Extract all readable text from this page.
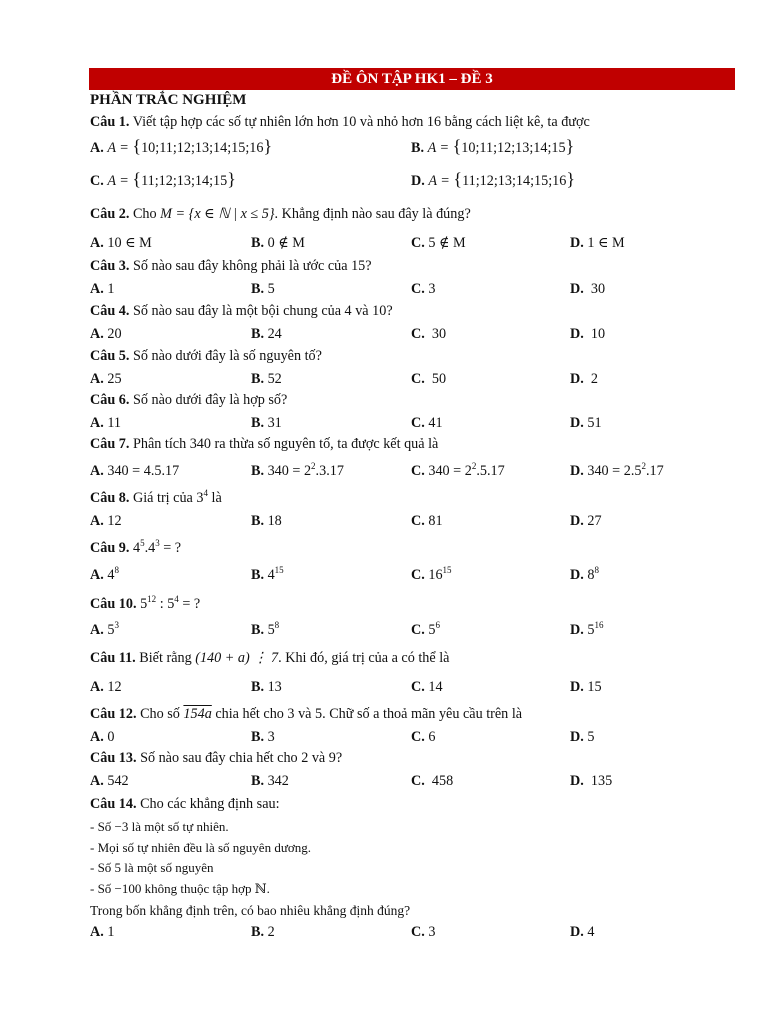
ĐỀ ÔN TẬP HK1 – ĐỀ 3
PHẦN TRẮC NGHIỆM
Câu 1. Viết tập hợp các số tự nhiên lớn hơn 10 và nhỏ hơn 16 bằng cách liệt kê, ta được
A. A = {10;11;12;13;14;15;16}	B. A = {10;11;12;13;14;15}
C. A = {11;12;13;14;15}	D. A = {11;12;13;14;15;16}
Câu 2. Cho M = {x ∈ ℕ | x ≤ 5}. Khẳng định nào sau đây là đúng?
A. 10 ∈ M	B. 0 ∉ M	C. 5 ∉ M	D. 1 ∈ M
Câu 3. Số nào sau đây không phải là ước của 15?
A. 1	B. 5	C. 3	D. 30
Câu 4. Số nào sau đây là một bội chung của 4 và 10?
A. 20	B. 24	C. 30	D. 10
Câu 5. Số nào dưới đây là số nguyên tố?
A. 25	B. 52	C. 50	D. 2
Câu 6. Số nào dưới đây là hợp số?
A. 11	B. 31	C. 41	D. 51
Câu 7. Phân tích 340 ra thừa số nguyên tố, ta được kết quả là
A. 340 = 4.5.17	B. $340 = 2^2.3.17$	C. $340 = 2^2.5.17$	D. $340 = 2.5^2.17$
Câu 8. Giá trị của $3^4$ là
A. 12	B. 18	C. 81	D. 27
Câu 9. $4^5.4^3$ = ?
A. $4^8$	B. $4^{15}$	C. $16^{15}$	D. $8^8$
Câu 10. $5^{12}$ : $5^4$ = ?
A. $5^3$	B. $5^8$	C. $5^6$	D. $5^{16}$
Câu 11. Biết rằng (140 + a) ⋮ 7. Khi đó, giá trị của a có thể là
A. 12	B. 13	C. 14	D. 15
Câu 12. Cho số 154a chia hết cho 3 và 5. Chữ số a thoả mãn yêu cầu trên là
A. 0	B. 3	C. 6	D. 5
Câu 13. Số nào sau đây chia hết cho 2 và 9?
A. 542	B. 342	C. 458	D. 135
Câu 14. Cho các khẳng định sau:
- Số −3 là một số tự nhiên.
- Mọi số tự nhiên đều là số nguyên dương.
- Số 5 là một số nguyên
- Số −100 không thuộc tập hợp ℕ.
Trong bốn khẳng định trên, có bao nhiêu khẳng định đúng?
A. 1	B. 2	C. 3	D. 4
